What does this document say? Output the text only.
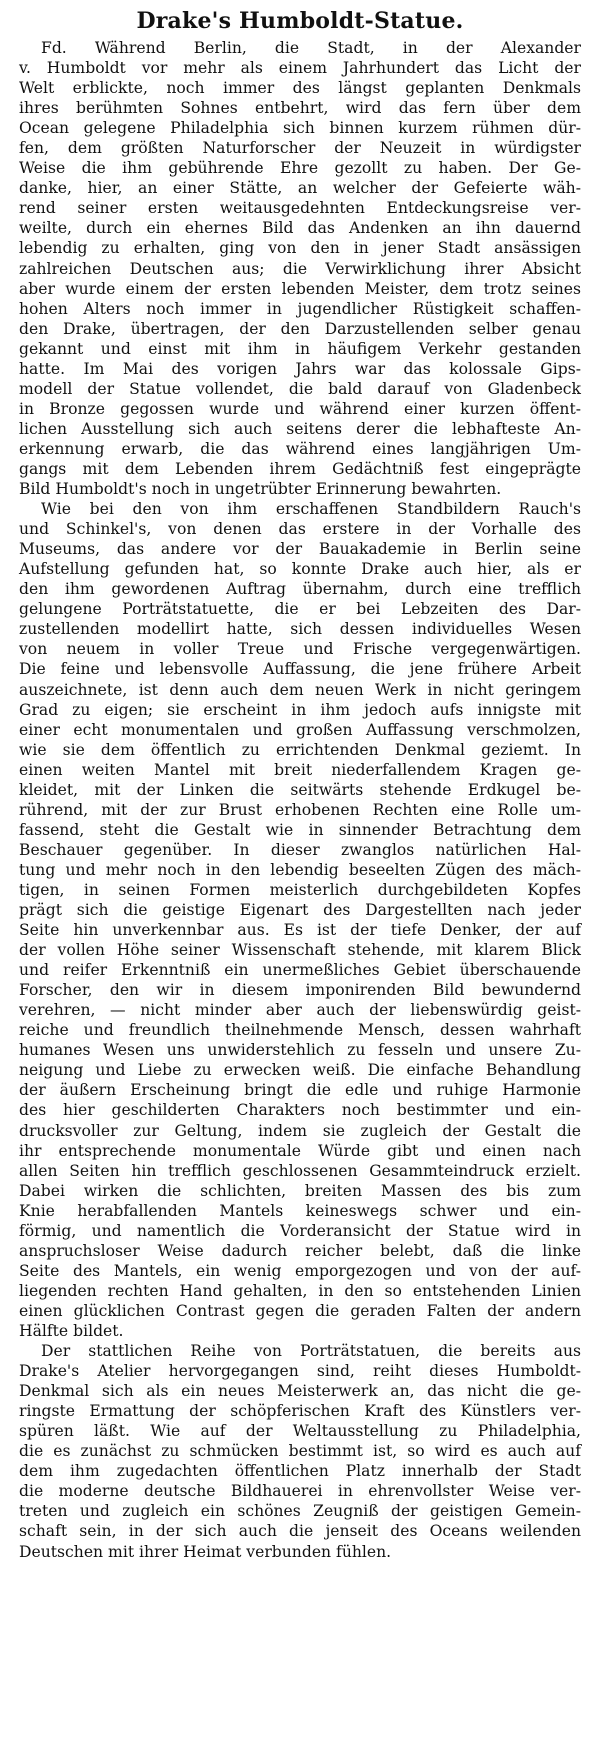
Drake's Humboldt-Statue.

Fd. Während Berlin, die Stadt, in der Alexander
v. Humboldt vor mehr als einem Jahrhundert das Licht der
Welt erblickte, noch immer des längst geplanten Denkmals
ihres berühmten Sohnes entbehrt, wird das fern über dem
Ocean gelegene Philadelphia sich binnen kurzem rühmen dür-
fen, dem größten Naturforscher der Neuzeit in würdigster
Weise die ihm gebührende Ehre gezollt zu haben. Der Ge-
danke, hier, an einer Stätte, an welcher der Gefeierte wäh-
rend seiner ersten weitausgedehnten Entdeckungsreise ver-
weilte, durch ein ehernes Bild das Andenken an ihn dauernd
lebendig zu erhalten, ging von den in jener Stadt ansässigen
zahlreichen Deutschen aus; die Verwirklichung ihrer Absicht
aber wurde einem der ersten lebenden Meister, dem trotz seines
hohen Alters noch immer in jugendlicher Rüstigkeit schaffen-
den Drake, übertragen, der den Darzustellenden selber genau
gekannt und einst mit ihm in häufigem Verkehr gestanden
hatte. Im Mai des vorigen Jahrs war das kolossale Gips-
modell der Statue vollendet, die bald darauf von Gladenbeck
in Bronze gegossen wurde und während einer kurzen öffent-
lichen Ausstellung sich auch seitens derer die lebhafteste An-
erkennung erwarb, die das während eines langjährigen Um-
gangs mit dem Lebenden ihrem Gedächtniß fest eingeprägte
Bild Humboldt's noch in ungetrübter Erinnerung bewahrten.

Wie bei den von ihm erschaffenen Standbildern Rauch's
und Schinkel's, von denen das erstere in der Vorhalle des
Museums, das andere vor der Bauakademie in Berlin seine
Aufstellung gefunden hat, so konnte Drake auch hier, als er
den ihm gewordenen Auftrag übernahm, durch eine trefflich
gelungene Porträtstatuette, die er bei Lebzeiten des Dar-
zustellenden modellirt hatte, sich dessen individuelles Wesen
von neuem in voller Treue und Frische vergegenwärtigen.
Die feine und lebensvolle Auffassung, die jene frühere Arbeit
auszeichnete, ist denn auch dem neuen Werk in nicht geringem
Grad zu eigen; sie erscheint in ihm jedoch aufs innigste mit
einer echt monumentalen und großen Auffassung verschmolzen,
wie sie dem öffentlich zu errichtenden Denkmal geziemt. In
einen weiten Mantel mit breit niederfallendem Kragen ge-
kleidet, mit der Linken die seitwärts stehende Erdkugel be-
rührend, mit der zur Brust erhobenen Rechten eine Rolle um-
fassend, steht die Gestalt wie in sinnender Betrachtung dem
Beschauer gegenüber. In dieser zwanglos natürlichen Hal-
tung und mehr noch in den lebendig beseelten Zügen des mäch-
tigen, in seinen Formen meisterlich durchgebildeten Kopfes
prägt sich die geistige Eigenart des Dargestellten nach jeder
Seite hin unverkennbar aus. Es ist der tiefe Denker, der auf
der vollen Höhe seiner Wissenschaft stehende, mit klarem Blick
und reifer Erkenntniß ein unermeßliches Gebiet überschauende
Forscher, den wir in diesem imponirenden Bild bewundernd
verehren, — nicht minder aber auch der liebenswürdig geist-
reiche und freundlich theilnehmende Mensch, dessen wahrhaft
humanes Wesen uns unwiderstehlich zu fesseln und unsere Zu-
neigung und Liebe zu erwecken weiß. Die einfache Behandlung
der äußern Erscheinung bringt die edle und ruhige Harmonie
des hier geschilderten Charakters noch bestimmter und ein-
drucksvoller zur Geltung, indem sie zugleich der Gestalt die
ihr entsprechende monumentale Würde gibt und einen nach
allen Seiten hin trefflich geschlossenen Gesammteindruck erzielt.
Dabei wirken die schlichten, breiten Massen des bis zum
Knie herabfallenden Mantels keineswegs schwer und ein-
förmig, und namentlich die Vorderansicht der Statue wird in
anspruchsloser Weise dadurch reicher belebt, daß die linke
Seite des Mantels, ein wenig emporgezogen und von der auf-
liegenden rechten Hand gehalten, in den so entstehenden Linien
einen glücklichen Contrast gegen die geraden Falten der andern
Hälfte bildet.

Der stattlichen Reihe von Porträtstatuen, die bereits aus
Drake's Atelier hervorgegangen sind, reiht dieses Humboldt-
Denkmal sich als ein neues Meisterwerk an, das nicht die ge-
ringste Ermattung der schöpferischen Kraft des Künstlers ver-
spüren läßt. Wie auf der Weltausstellung zu Philadelphia,
die es zunächst zu schmücken bestimmt ist, so wird es auch auf
dem ihm zugedachten öffentlichen Platz innerhalb der Stadt
die moderne deutsche Bildhauerei in ehrenvollster Weise ver-
treten und zugleich ein schönes Zeugniß der geistigen Gemein-
schaft sein, in der sich auch die jenseit des Oceans weilenden
Deutschen mit ihrer Heimat verbunden fühlen.
